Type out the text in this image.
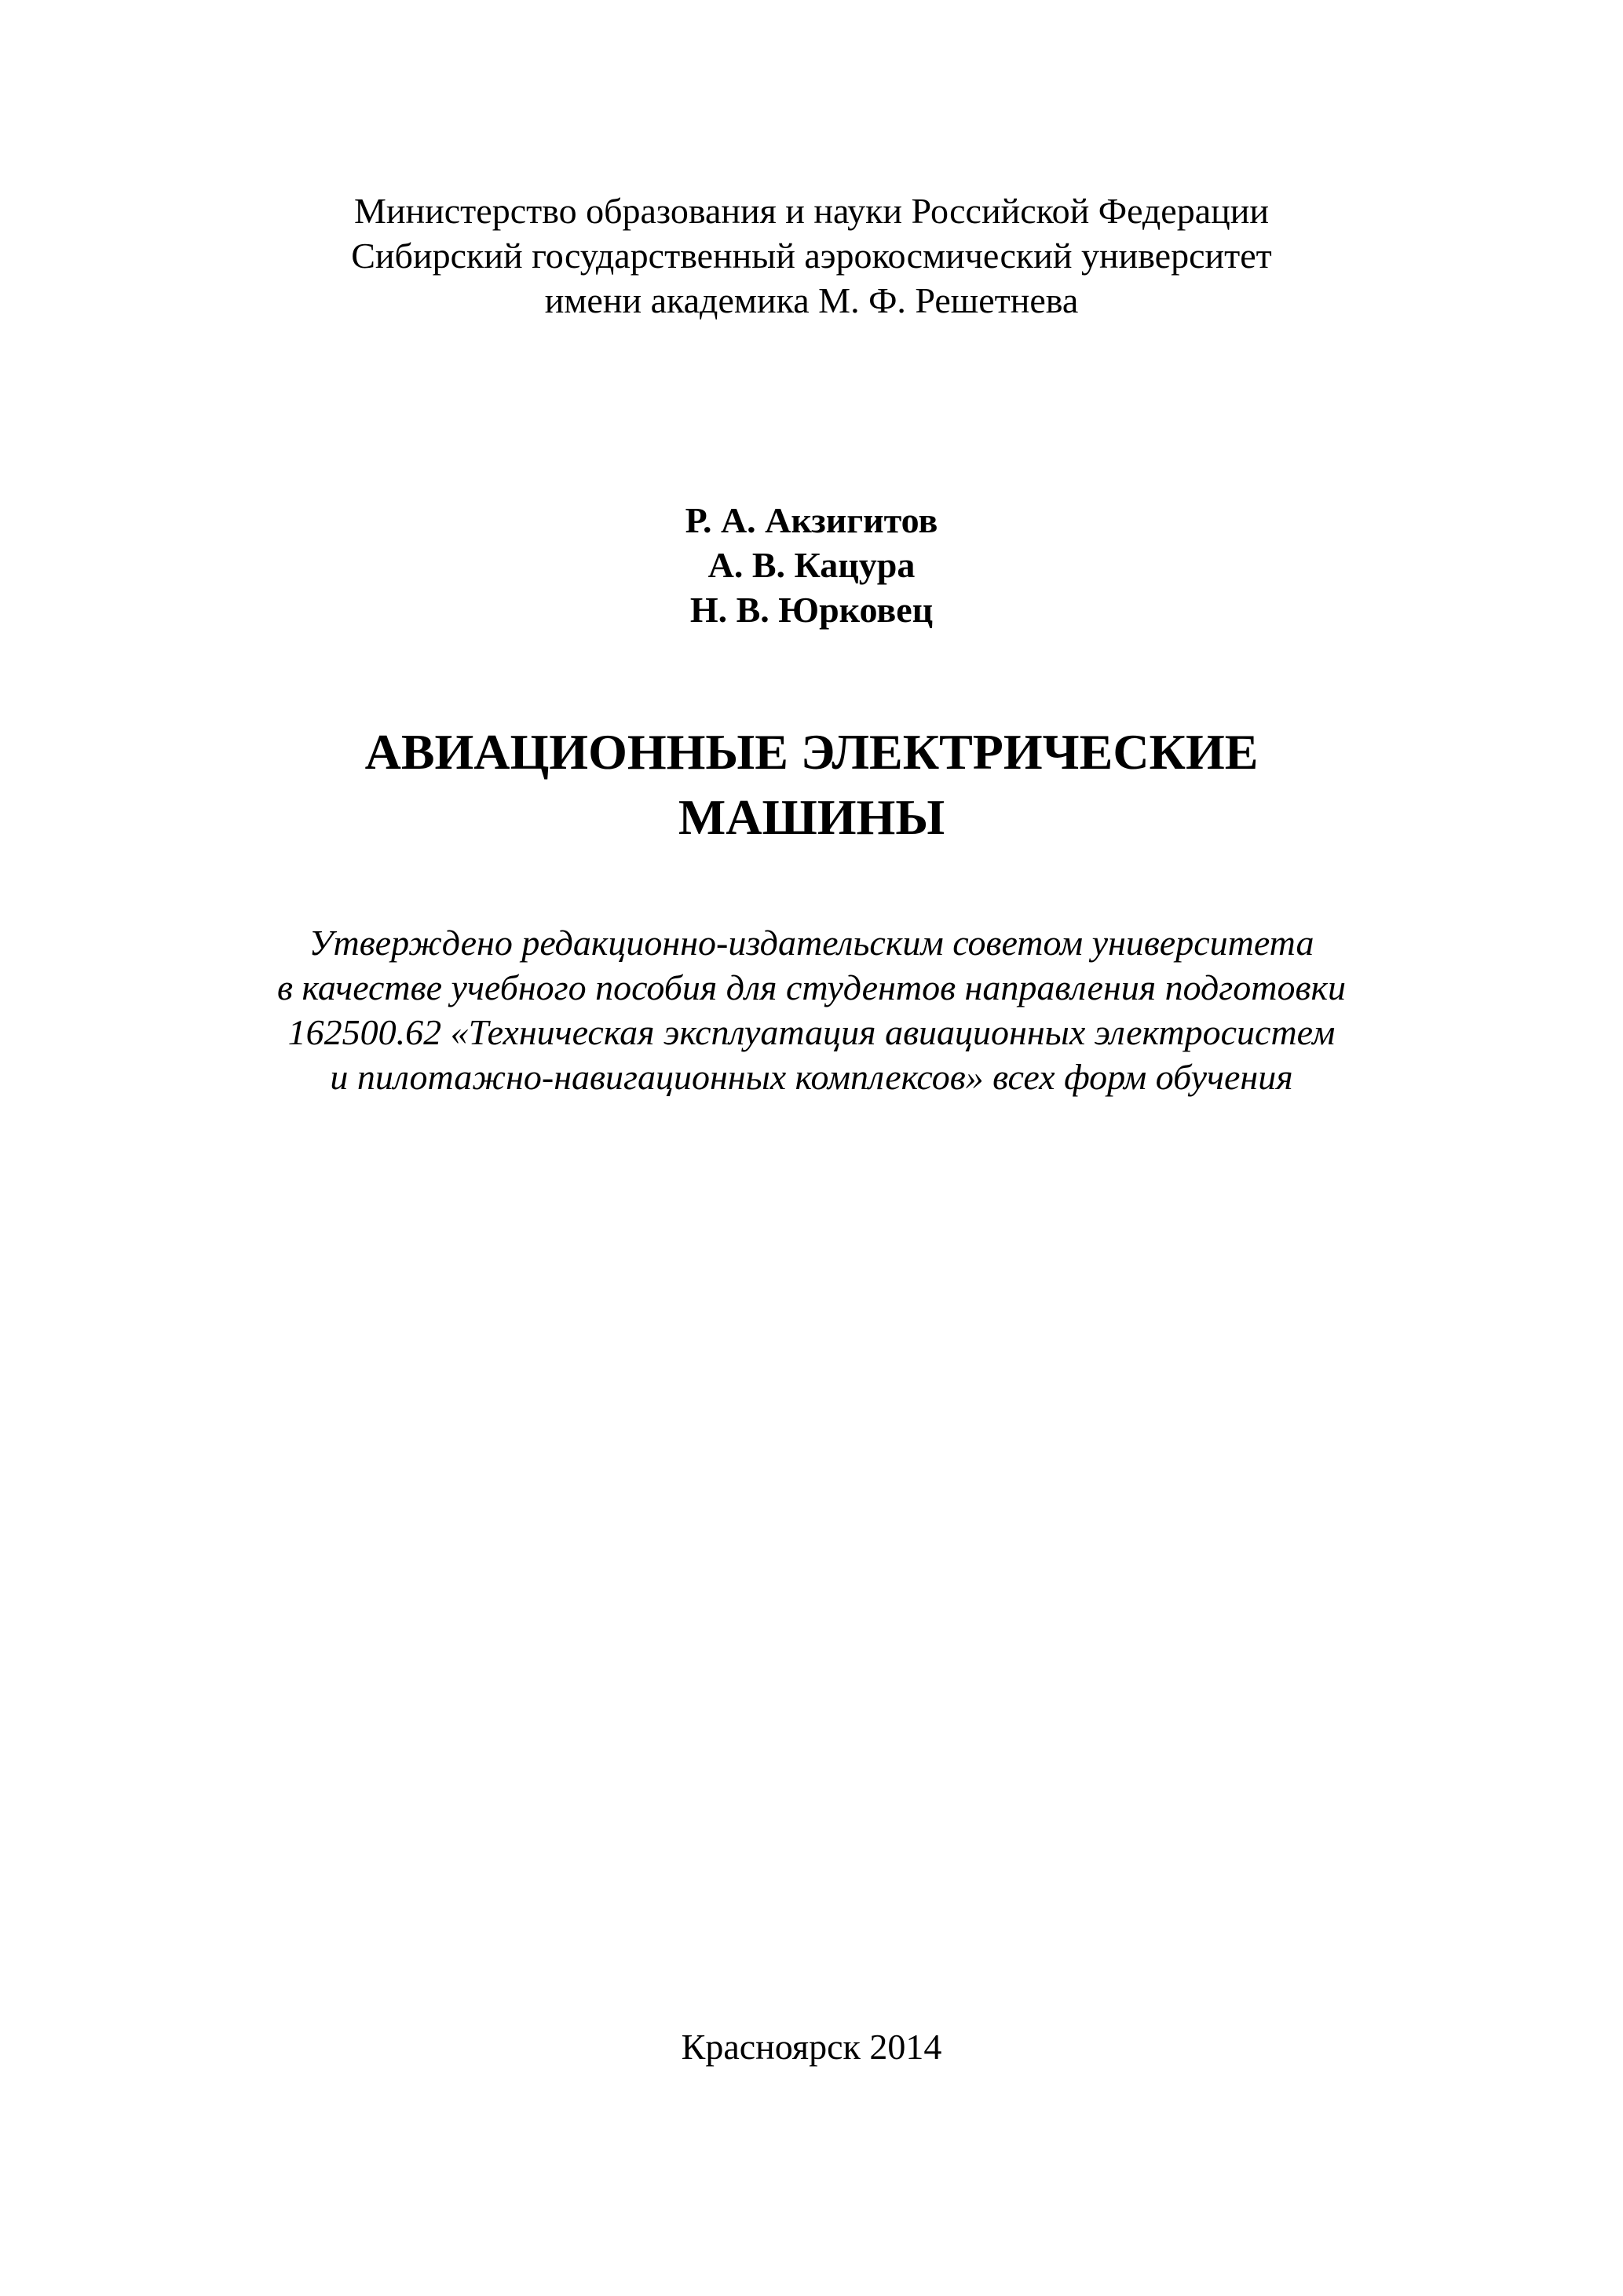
Министерство образования и науки Российской Федерации
Сибирский государственный аэрокосмический университет
имени академика М. Ф. Решетнева
Р. А. Акзигитов
А. В. Кацура
Н. В. Юрковец
АВИАЦИОННЫЕ ЭЛЕКТРИЧЕСКИЕ
МАШИНЫ
Утверждено редакционно-издательским советом университета
в качестве учебного пособия для студентов направления подготовки
162500.62 «Техническая эксплуатация авиационных электросистем
и пилотажно-навигационных комплексов» всех форм обучения
Красноярск 2014
